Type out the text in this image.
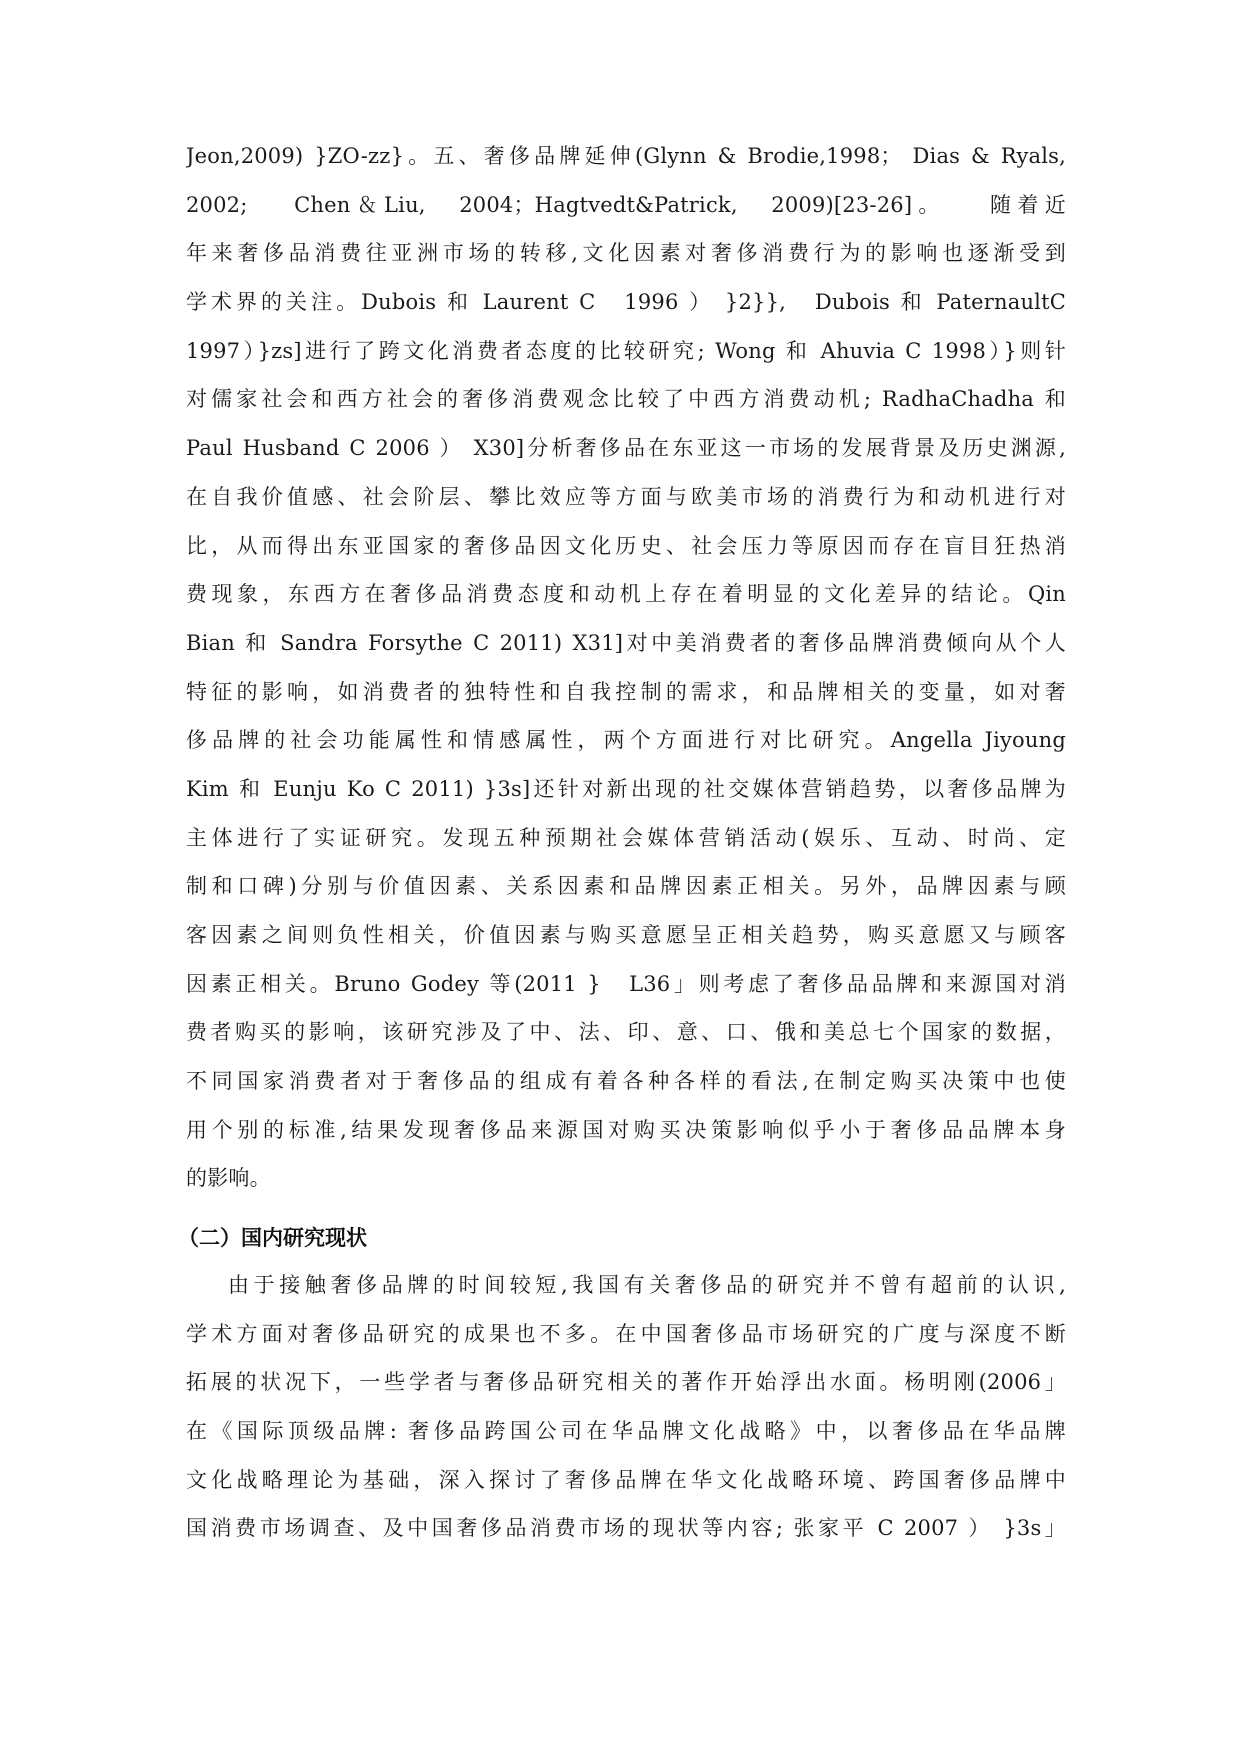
Jeon,2009) }ZO-zz}。五、奢侈品牌延伸(Glynn & Brodie,1998； Dias & Ryals,
2002;　 Chen＆Liu,　2004；Hagtvedt&Patrick,　2009)[23-26]。　　随着近
年来奢侈品消费往亚洲市场的转移,文化因素对奢侈消费行为的影响也逐渐受到
学术界的关注。Dubois 和 Laurent C　1996 ） }2}},　Dubois 和 PaternaultC
1997）}zs]进行了跨文化消费者态度的比较研究; Wong 和 Ahuvia C 1998）}则针
对儒家社会和西方社会的奢侈消费观念比较了中西方消费动机; RadhaChadha 和
Paul Husband C 2006 ） X30]分析奢侈品在东亚这一市场的发展背景及历史渊源,
在自我价值感、社会阶层、攀比效应等方面与欧美市场的消费行为和动机进行对
比，从而得出东亚国家的奢侈品因文化历史、社会压力等原因而存在盲目狂热消
费现象，东西方在奢侈品消费态度和动机上存在着明显的文化差异的结论。Qin
Bian 和 Sandra Forsythe C 2011) X31]对中美消费者的奢侈品牌消费倾向从个人
特征的影响，如消费者的独特性和自我控制的需求，和品牌相关的变量，如对奢
侈品牌的社会功能属性和情感属性，两个方面进行对比研究。Angella Jiyoung
Kim 和 Eunju Ko C 2011) }3s]还针对新出现的社交媒体营销趋势，以奢侈品牌为
主体进行了实证研究。发现五种预期社会媒体营销活动(娱乐、互动、时尚、定
制和口碑)分别与价值因素、关系因素和品牌因素正相关。另外，品牌因素与顾
客因素之间则负性相关，价值因素与购买意愿呈正相关趋势，购买意愿又与顾客
因素正相关。Bruno Godey 等(2011 }　L36」则考虑了奢侈品品牌和来源国对消
费者购买的影响，该研究涉及了中、法、印、意、口、俄和美总七个国家的数据，
不同国家消费者对于奢侈品的组成有着各种各样的看法,在制定购买决策中也使
用个别的标准,结果发现奢侈品来源国对购买决策影响似乎小于奢侈品品牌本身
的影响。
（二）国内研究现状
由于接触奢侈品牌的时间较短,我国有关奢侈品的研究并不曾有超前的认识,
学术方面对奢侈品研究的成果也不多。在中国奢侈品市场研究的广度与深度不断
拓展的状况下，一些学者与奢侈品研究相关的著作开始浮出水面。杨明刚(2006」
在《国际顶级品牌: 奢侈品跨国公司在华品牌文化战略》中，以奢侈品在华品牌
文化战略理论为基础，深入探讨了奢侈品牌在华文化战略环境、跨国奢侈品牌中
国消费市场调查、及中国奢侈品消费市场的现状等内容; 张家平 C 2007 ） }3s」
